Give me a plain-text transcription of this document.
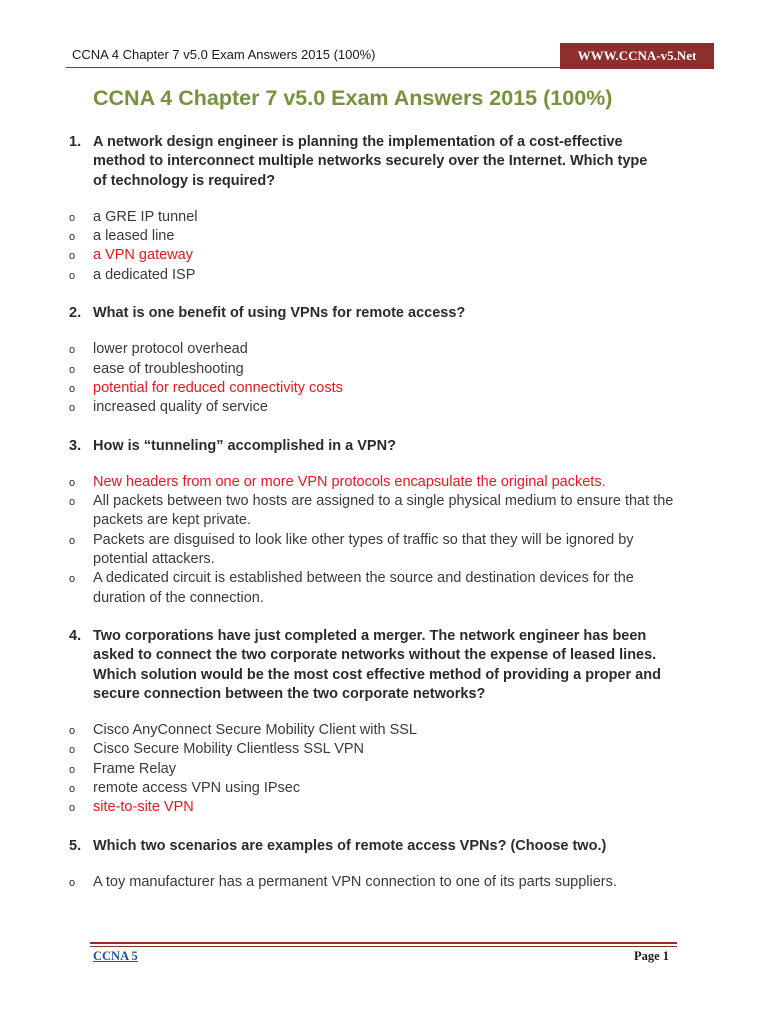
CCNA 4 Chapter 7 v5.0 Exam Answers 2015 (100%)	WWW.CCNA-v5.Net
CCNA 4 Chapter 7 v5.0 Exam Answers 2015 (100%)
1. A network design engineer is planning the implementation of a cost-effective method to interconnect multiple networks securely over the Internet. Which type of technology is required?
o a GRE IP tunnel
o a leased line
o a VPN gateway
o a dedicated ISP
2. What is one benefit of using VPNs for remote access?
o lower protocol overhead
o ease of troubleshooting
o potential for reduced connectivity costs
o increased quality of service
3. How is “tunneling” accomplished in a VPN?
o New headers from one or more VPN protocols encapsulate the original packets.
o All packets between two hosts are assigned to a single physical medium to ensure that the packets are kept private.
o Packets are disguised to look like other types of traffic so that they will be ignored by potential attackers.
o A dedicated circuit is established between the source and destination devices for the duration of the connection.
4. Two corporations have just completed a merger. The network engineer has been asked to connect the two corporate networks without the expense of leased lines. Which solution would be the most cost effective method of providing a proper and secure connection between the two corporate networks?
o Cisco AnyConnect Secure Mobility Client with SSL
o Cisco Secure Mobility Clientless SSL VPN
o Frame Relay
o remote access VPN using IPsec
o site-to-site VPN
5. Which two scenarios are examples of remote access VPNs? (Choose two.)
o A toy manufacturer has a permanent VPN connection to one of its parts suppliers.
CCNA 5	Page 1
